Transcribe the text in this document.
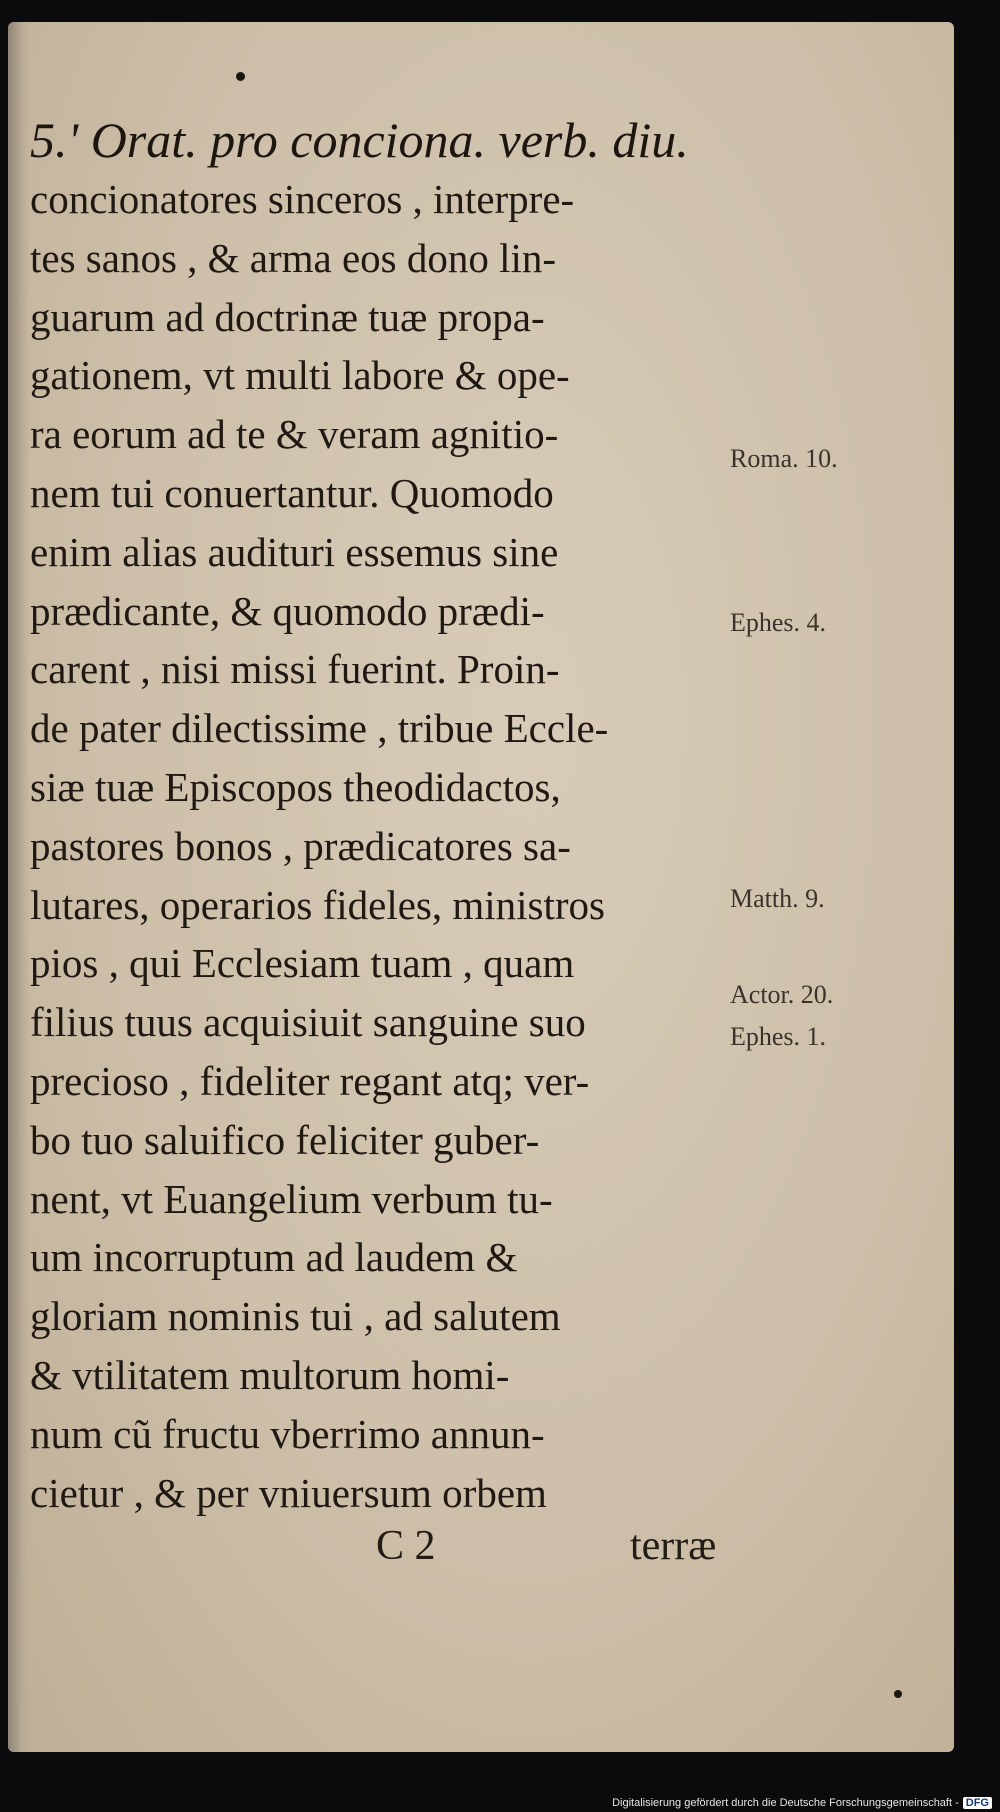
5.' Orat. pro conciona. verb. diu.
concionatores sinceros , interpre-
tes sanos , & arma eos dono lin-
guarum ad doctrinæ tuæ propa-
gationem, vt multi labore & ope-
ra eorum ad te & veram agnitio-
nem tui conuertantur. Quomodo
enim alias audituri essemus sine
prædicante, & quomodo prædi-
carent , nisi missi fuerint. Proin-
de pater dilectissime , tribue Eccle-
siæ tuæ Episcopos theodidactos,
pastores bonos , prædicatores sa-
lutares, operarios fideles, ministros
pios , qui Ecclesiam tuam , quam
filius tuus acquisiuit sanguine suo
precioso , fideliter regant atq; ver-
bo tuo saluifico feliciter guber-
nent, vt Euangelium verbum tu-
um incorruptum ad laudem &
gloriam nominis tui , ad salutem
& vtilitatem multorum homi-
num cũ fructu vberrimo annun-
cietur , & per vniuersum orbem
Roma. 10.
Ephes. 4.
Matth. 9.
Actor. 20.
Ephes. 1.
C 2	terræ
Digitalisierung gefördert durch die Deutsche Forschungsgemeinschaft - DFG
